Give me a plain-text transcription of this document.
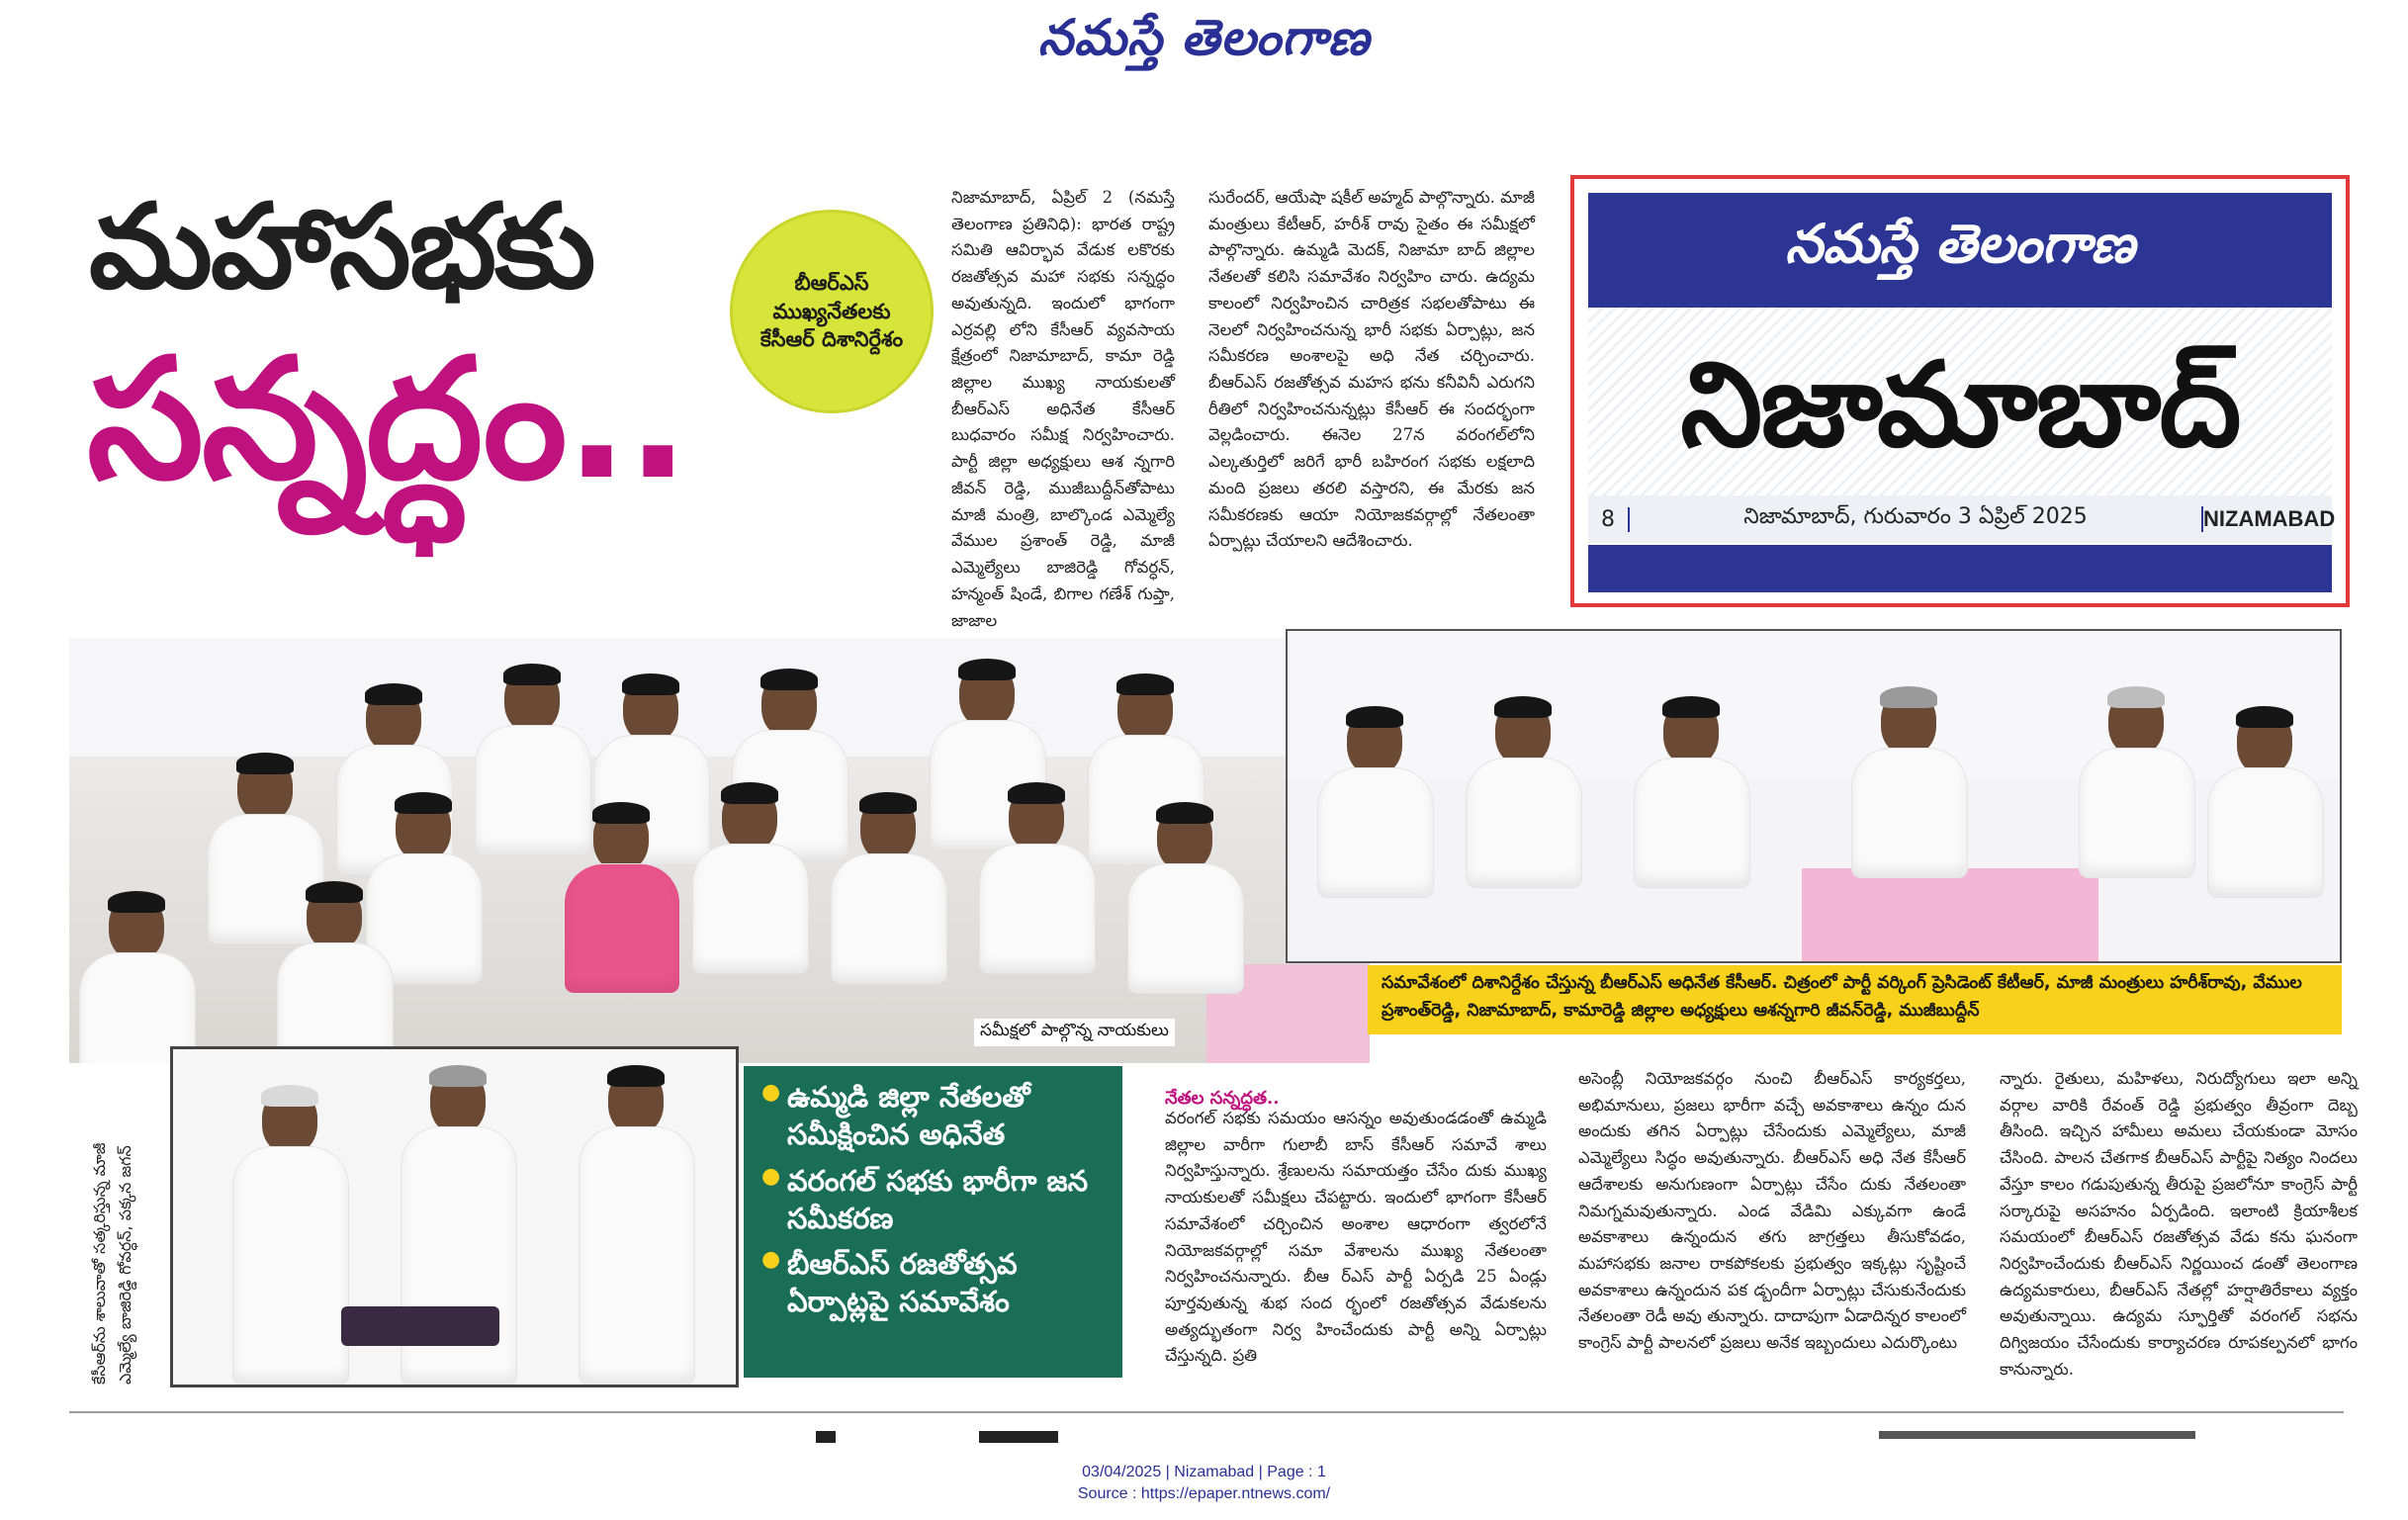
నమస్తే తెలంగాణ
మహాసభకు
సన్నద్ధం..
బీఆర్ఎస్ ముఖ్యనేతలకు కేసీఆర్ దిశానిర్దేశం
నిజామాబాద్, ఏప్రిల్ 2 (నమస్తే తెలంగాణ ప్రతినిధి): భారత రాష్ట్ర సమితి ఆవిర్భావ వేడుక లకొరకు రజతోత్సవ మహా సభకు సన్నద్ధం అవుతున్నది. ఇందులో భాగంగా ఎర్రవల్లి లోని కేసీఆర్ వ్యవసాయ క్షేత్రంలో నిజామాబాద్, కామా రెడ్డి జిల్లాల ముఖ్య నాయకులతో బీఆర్ఎస్ అధినేత కేసీఆర్ బుధవారం సమీక్ష నిర్వహించారు. పార్టీ జిల్లా అధ్యక్షులు ఆశ న్నగారి జీవన్ రెడ్డి, ముజీబుద్దీన్‌తోపాటు మాజీ మంత్రి, బాల్కొండ ఎమ్మెల్యే వేముల ప్రశాంత్ రెడ్డి, మాజీ ఎమ్మెల్యేలు బాజిరెడ్డి గోవర్ధన్, హన్మంత్ షిండే, బిగాల గణేశ్ గుప్తా, జాజాల
సురేందర్, ఆయేషా షకీల్ అహ్మద్ పాల్గొన్నారు. మాజీ మంత్రులు కేటీఆర్, హరీశ్ రావు సైతం ఈ సమీక్షలో పాల్గొన్నారు. ఉమ్మడి మెదక్, నిజామా బాద్ జిల్లాల నేతలతో కలిసి సమావేశం నిర్వహిం చారు. ఉద్యమ కాలంలో నిర్వహించిన చారిత్రక సభలతోపాటు ఈ నెలలో నిర్వహించనున్న భారీ సభకు ఏర్పాట్లు, జన సమీకరణ అంశాలపై అధి నేత చర్చించారు. బీఆర్ఎస్ రజతోత్సవ మహస భను కనీవినీ ఎరుగని రీతిలో నిర్వహించనున్నట్లు కేసీఆర్ ఈ సందర్భంగా వెల్లడించారు. ఈనెల 27న వరంగల్‌లోని ఎల్కతుర్తిలో జరిగే భారీ బహిరంగ సభకు లక్షలాది మంది ప్రజలు తరలి వస్తారని, ఈ మేరకు జన సమీకరణకు ఆయా నియోజకవర్గాల్లో నేతలంతా ఏర్పాట్లు చేయాలని ఆదేశించారు.
నమస్తే తెలంగాణ
నిజామాబాద్
8	నిజామాబాద్, గురువారం 3 ఏప్రిల్ 2025	NIZAMABAD
సమీక్షలో పాల్గొన్న నాయకులు
సమావేశంలో దిశానిర్దేశం చేస్తున్న బీఆర్ఎస్ అధినేత కేసీఆర్. చిత్రంలో పార్టీ వర్కింగ్ ప్రెసిడెంట్ కేటీఆర్, మాజీ మంత్రులు హరీశ్‌రావు, వేముల ప్రశాంత్‌రెడ్డి, నిజామాబాద్, కామారెడ్డి జిల్లాల అధ్యక్షులు ఆశన్నగారి జీవన్‌రెడ్డి, ముజీబుద్దీన్
కేసీఆర్‌ను శాలువాతో సత్కరిస్తున్న మాజీ ఎమ్మెల్యే బాజిరెడ్డి గోవర్ధన్, పక్కన జగన్
● ఉమ్మడి జిల్లా నేతలతో సమీక్షించిన అధినేత
● వరంగల్ సభకు భారీగా జన సమీకరణ
● బీఆర్ఎస్ రజతోత్సవ ఏర్పాట్లపై సమావేశం
నేతల సన్నద్ధత..
వరంగల్ సభకు సమయం ఆసన్నం అవుతుండడంతో ఉమ్మడి జిల్లాల వారీగా గులాబీ బాస్ కేసీఆర్ సమావే శాలు నిర్వహిస్తున్నారు. శ్రేణులను సమాయత్తం చేసేం దుకు ముఖ్య నాయకులతో సమీక్షలు చేపట్టారు. ఇందులో భాగంగా కేసీఆర్ సమావేశంలో చర్చించిన అంశాల ఆధారంగా త్వరలోనే నియోజకవర్గాల్లో సమా వేశాలను ముఖ్య నేతలంతా నిర్వహించనున్నారు. బీఆ ర్ఎస్ పార్టీ ఏర్పడి 25 ఏండ్లు పూర్తవుతున్న శుభ సంద ర్భంలో రజతోత్సవ వేడుకలను అత్యద్భుతంగా నిర్వ హించేందుకు పార్టీ అన్ని ఏర్పాట్లు చేస్తున్నది. ప్రతి
అసెంబ్లీ నియోజకవర్గం నుంచి బీఆర్ఎస్ కార్యకర్తలు, అభిమానులు, ప్రజలు భారీగా వచ్చే అవకాశాలు ఉన్నం దున అందుకు తగిన ఏర్పాట్లు చేసేందుకు ఎమ్మెల్యేలు, మాజీ ఎమ్మెల్యేలు సిద్ధం అవుతున్నారు. బీఆర్ఎస్ అధి నేత కేసీఆర్ ఆదేశాలకు అనుగుణంగా ఏర్పాట్లు చేసేం దుకు నేతలంతా నిమగ్నమవుతున్నారు. ఎండ వేడిమి ఎక్కువగా ఉండే అవకాశాలు ఉన్నందున తగు జాగ్రత్తలు తీసుకోవడం, మహాసభకు జనాల రాకపోకలకు ప్రభుత్వం ఇక్కట్లు సృష్టించే అవకాశాలు ఉన్నందున పక డ్బందీగా ఏర్పాట్లు చేసుకునేందుకు నేతలంతా రెడీ అవు తున్నారు. దాదాపుగా ఏడాదిన్నర కాలంలో కాంగ్రెస్ పార్టీ పాలనలో ప్రజలు అనేక ఇబ్బందులు ఎదుర్కొంటు
న్నారు. రైతులు, మహిళలు, నిరుద్యోగులు ఇలా అన్ని వర్గాల వారికి రేవంత్ రెడ్డి ప్రభుత్వం తీవ్రంగా దెబ్బ తీసింది. ఇచ్చిన హామీలు అమలు చేయకుండా మోసం చేసింది. పాలన చేతగాక బీఆర్ఎస్ పార్టీపై నిత్యం నిందలు వేస్తూ కాలం గడుపుతున్న తీరుపై ప్రజలోనూ కాంగ్రెస్ పార్టీ సర్కారుపై అసహనం ఏర్పడింది. ఇలాంటి క్రియాశీలక సమయంలో బీఆర్ఎస్ రజతోత్సవ వేడు కను ఘనంగా నిర్వహించేందుకు బీఆర్ఎస్ నిర్ణయించ డంతో తెలంగాణ ఉద్యమకారులు, బీఆర్ఎస్ నేతల్లో హర్షాతిరేకాలు వ్యక్తం అవుతున్నాయి. ఉద్యమ స్ఫూర్తితో వరంగల్ సభను దిగ్విజయం చేసేందుకు కార్యాచరణ రూపకల్పనలో భాగం కానున్నారు.
03/04/2025 | Nizamabad | Page : 1
Source : https://epaper.ntnews.com/
